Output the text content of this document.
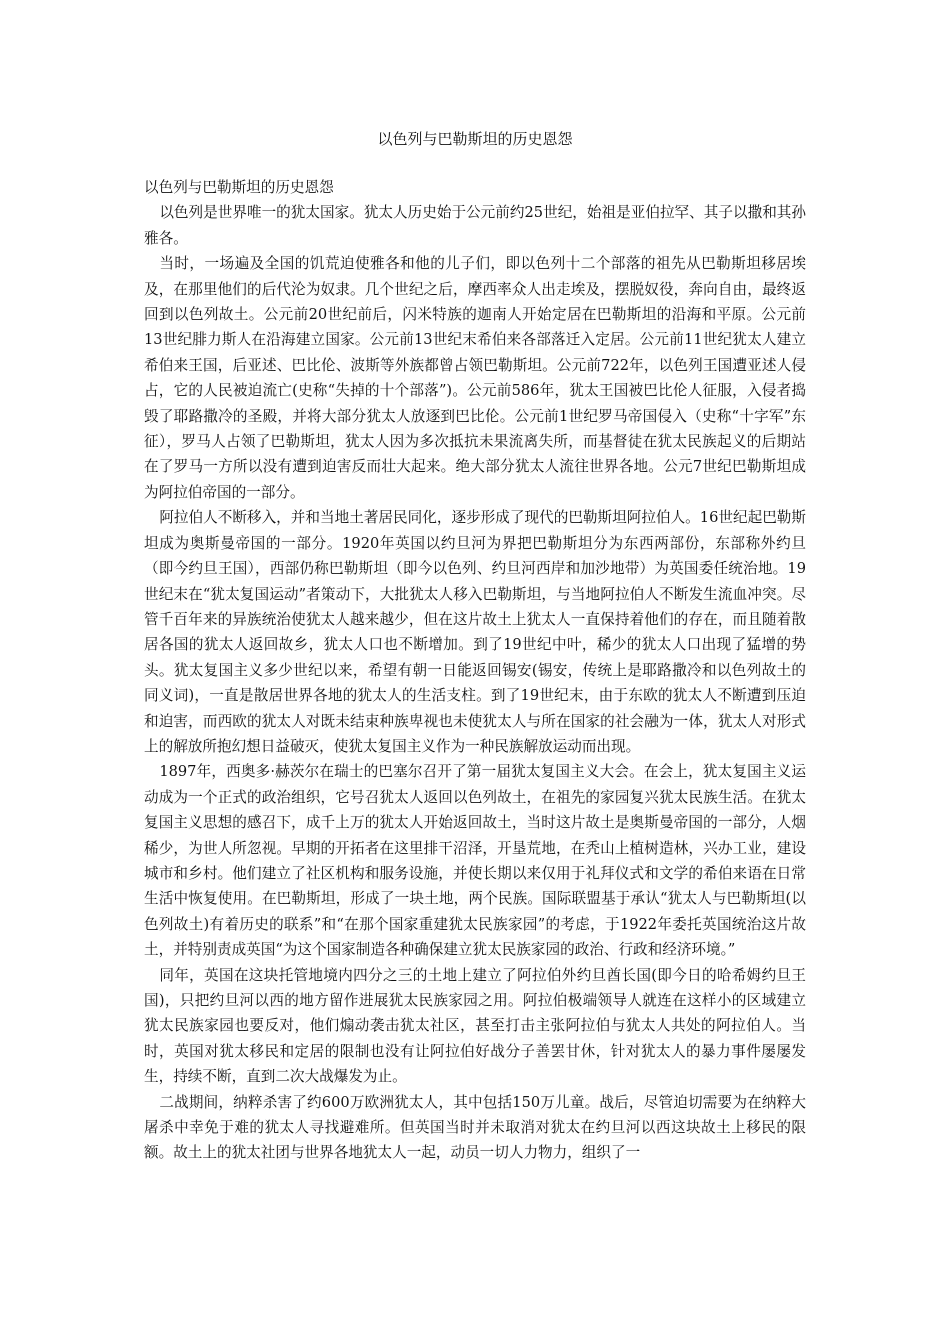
以色列与巴勒斯坦的历史恩怨
以色列与巴勒斯坦的历史恩怨

以色列是世界唯一的犹太国家。犹太人历史始于公元前约25世纪，始祖是亚伯拉罕、其子以撒和其孙雅各。

当时，一场遍及全国的饥荒迫使雅各和他的儿子们，即以色列十二个部落的祖先从巴勒斯坦移居埃及，在那里他们的后代沦为奴隶。几个世纪之后，摩西率众人出走埃及，摆脱奴役，奔向自由，最终返回到以色列故土。公元前20世纪前后，闪米特族的迦南人开始定居在巴勒斯坦的沿海和平原。公元前13世纪腓力斯人在沿海建立国家。公元前13世纪末希伯来各部落迁入定居。公元前11世纪犹太人建立希伯来王国，后亚述、巴比伦、波斯等外族都曾占领巴勒斯坦。公元前722年，以色列王国遭亚述人侵占，它的人民被迫流亡(史称“失掉的十个部落”)。公元前586年，犹太王国被巴比伦人征服，入侵者捣毁了耶路撒冷的圣殿，并将大部分犹太人放逐到巴比伦。公元前1世纪罗马帝国侵入（史称“十字军”东征），罗马人占领了巴勒斯坦，犹太人因为多次抵抗未果流离失所，而基督徒在犹太民族起义的后期站在了罗马一方所以没有遭到迫害反而壮大起来。绝大部分犹太人流往世界各地。公元7世纪巴勒斯坦成为阿拉伯帝国的一部分。

阿拉伯人不断移入，并和当地土著居民同化，逐步形成了现代的巴勒斯坦阿拉伯人。16世纪起巴勒斯坦成为奥斯曼帝国的一部分。1920年英国以约旦河为界把巴勒斯坦分为东西两部份，东部称外约旦（即今约旦王国），西部仍称巴勒斯坦（即今以色列、约旦河西岸和加沙地带）为英国委任统治地。19世纪末在“犹太复国运动”者策动下，大批犹太人移入巴勒斯坦，与当地阿拉伯人不断发生流血冲突。尽管千百年来的异族统治使犹太人越来越少，但在这片故土上犹太人一直保持着他们的存在，而且随着散居各国的犹太人返回故乡，犹太人口也不断增加。到了19世纪中叶，稀少的犹太人口出现了猛增的势头。犹太复国主义多少世纪以来，希望有朝一日能返回锡安(锡安，传统上是耶路撒冷和以色列故土的同义词)，一直是散居世界各地的犹太人的生活支柱。到了19世纪末，由于东欧的犹太人不断遭到压迫和迫害，而西欧的犹太人对既未结束种族卑视也未使犹太人与所在国家的社会融为一体，犹太人对形式上的解放所抱幻想日益破灭，使犹太复国主义作为一种民族解放运动而出现。

1897年，西奥多·赫茨尔在瑞士的巴塞尔召开了第一届犹太复国主义大会。在会上，犹太复国主义运动成为一个正式的政治组织，它号召犹太人返回以色列故土，在祖先的家园复兴犹太民族生活。在犹太复国主义思想的感召下，成千上万的犹太人开始返回故土，当时这片故土是奥斯曼帝国的一部分，人烟稀少，为世人所忽视。早期的开拓者在这里排干沼泽，开垦荒地，在秃山上植树造林，兴办工业，建设城市和乡村。他们建立了社区机构和服务设施，并使长期以来仅用于礼拜仪式和文学的希伯来语在日常生活中恢复使用。在巴勒斯坦，形成了一块土地，两个民族。国际联盟基于承认“犹太人与巴勒斯坦(以色列故土)有着历史的联系”和“在那个国家重建犹太民族家园”的考虑，于1922年委托英国统治这片故土，并特别责成英国“为这个国家制造各种确保建立犹太民族家园的政治、行政和经济环境。”

同年，英国在这块托管地境内四分之三的土地上建立了阿拉伯外约旦酋长国(即今日的哈希姆约旦王国)，只把约旦河以西的地方留作进展犹太民族家园之用。阿拉伯极端领导人就连在这样小的区域建立犹太民族家园也要反对，他们煽动袭击犹太社区，甚至打击主张阿拉伯与犹太人共处的阿拉伯人。当时，英国对犹太移民和定居的限制也没有让阿拉伯好战分子善罢甘休，针对犹太人的暴力事件屡屡发生，持续不断，直到二次大战爆发为止。

二战期间，纳粹杀害了约600万欧洲犹太人，其中包括150万儿童。战后，尽管迫切需要为在纳粹大屠杀中幸免于难的犹太人寻找避难所。但英国当时并未取消对犹太在约旦河以西这块故土上移民的限额。故土上的犹太社团与世界各地犹太人一起，动员一切人力物力，组织了一
